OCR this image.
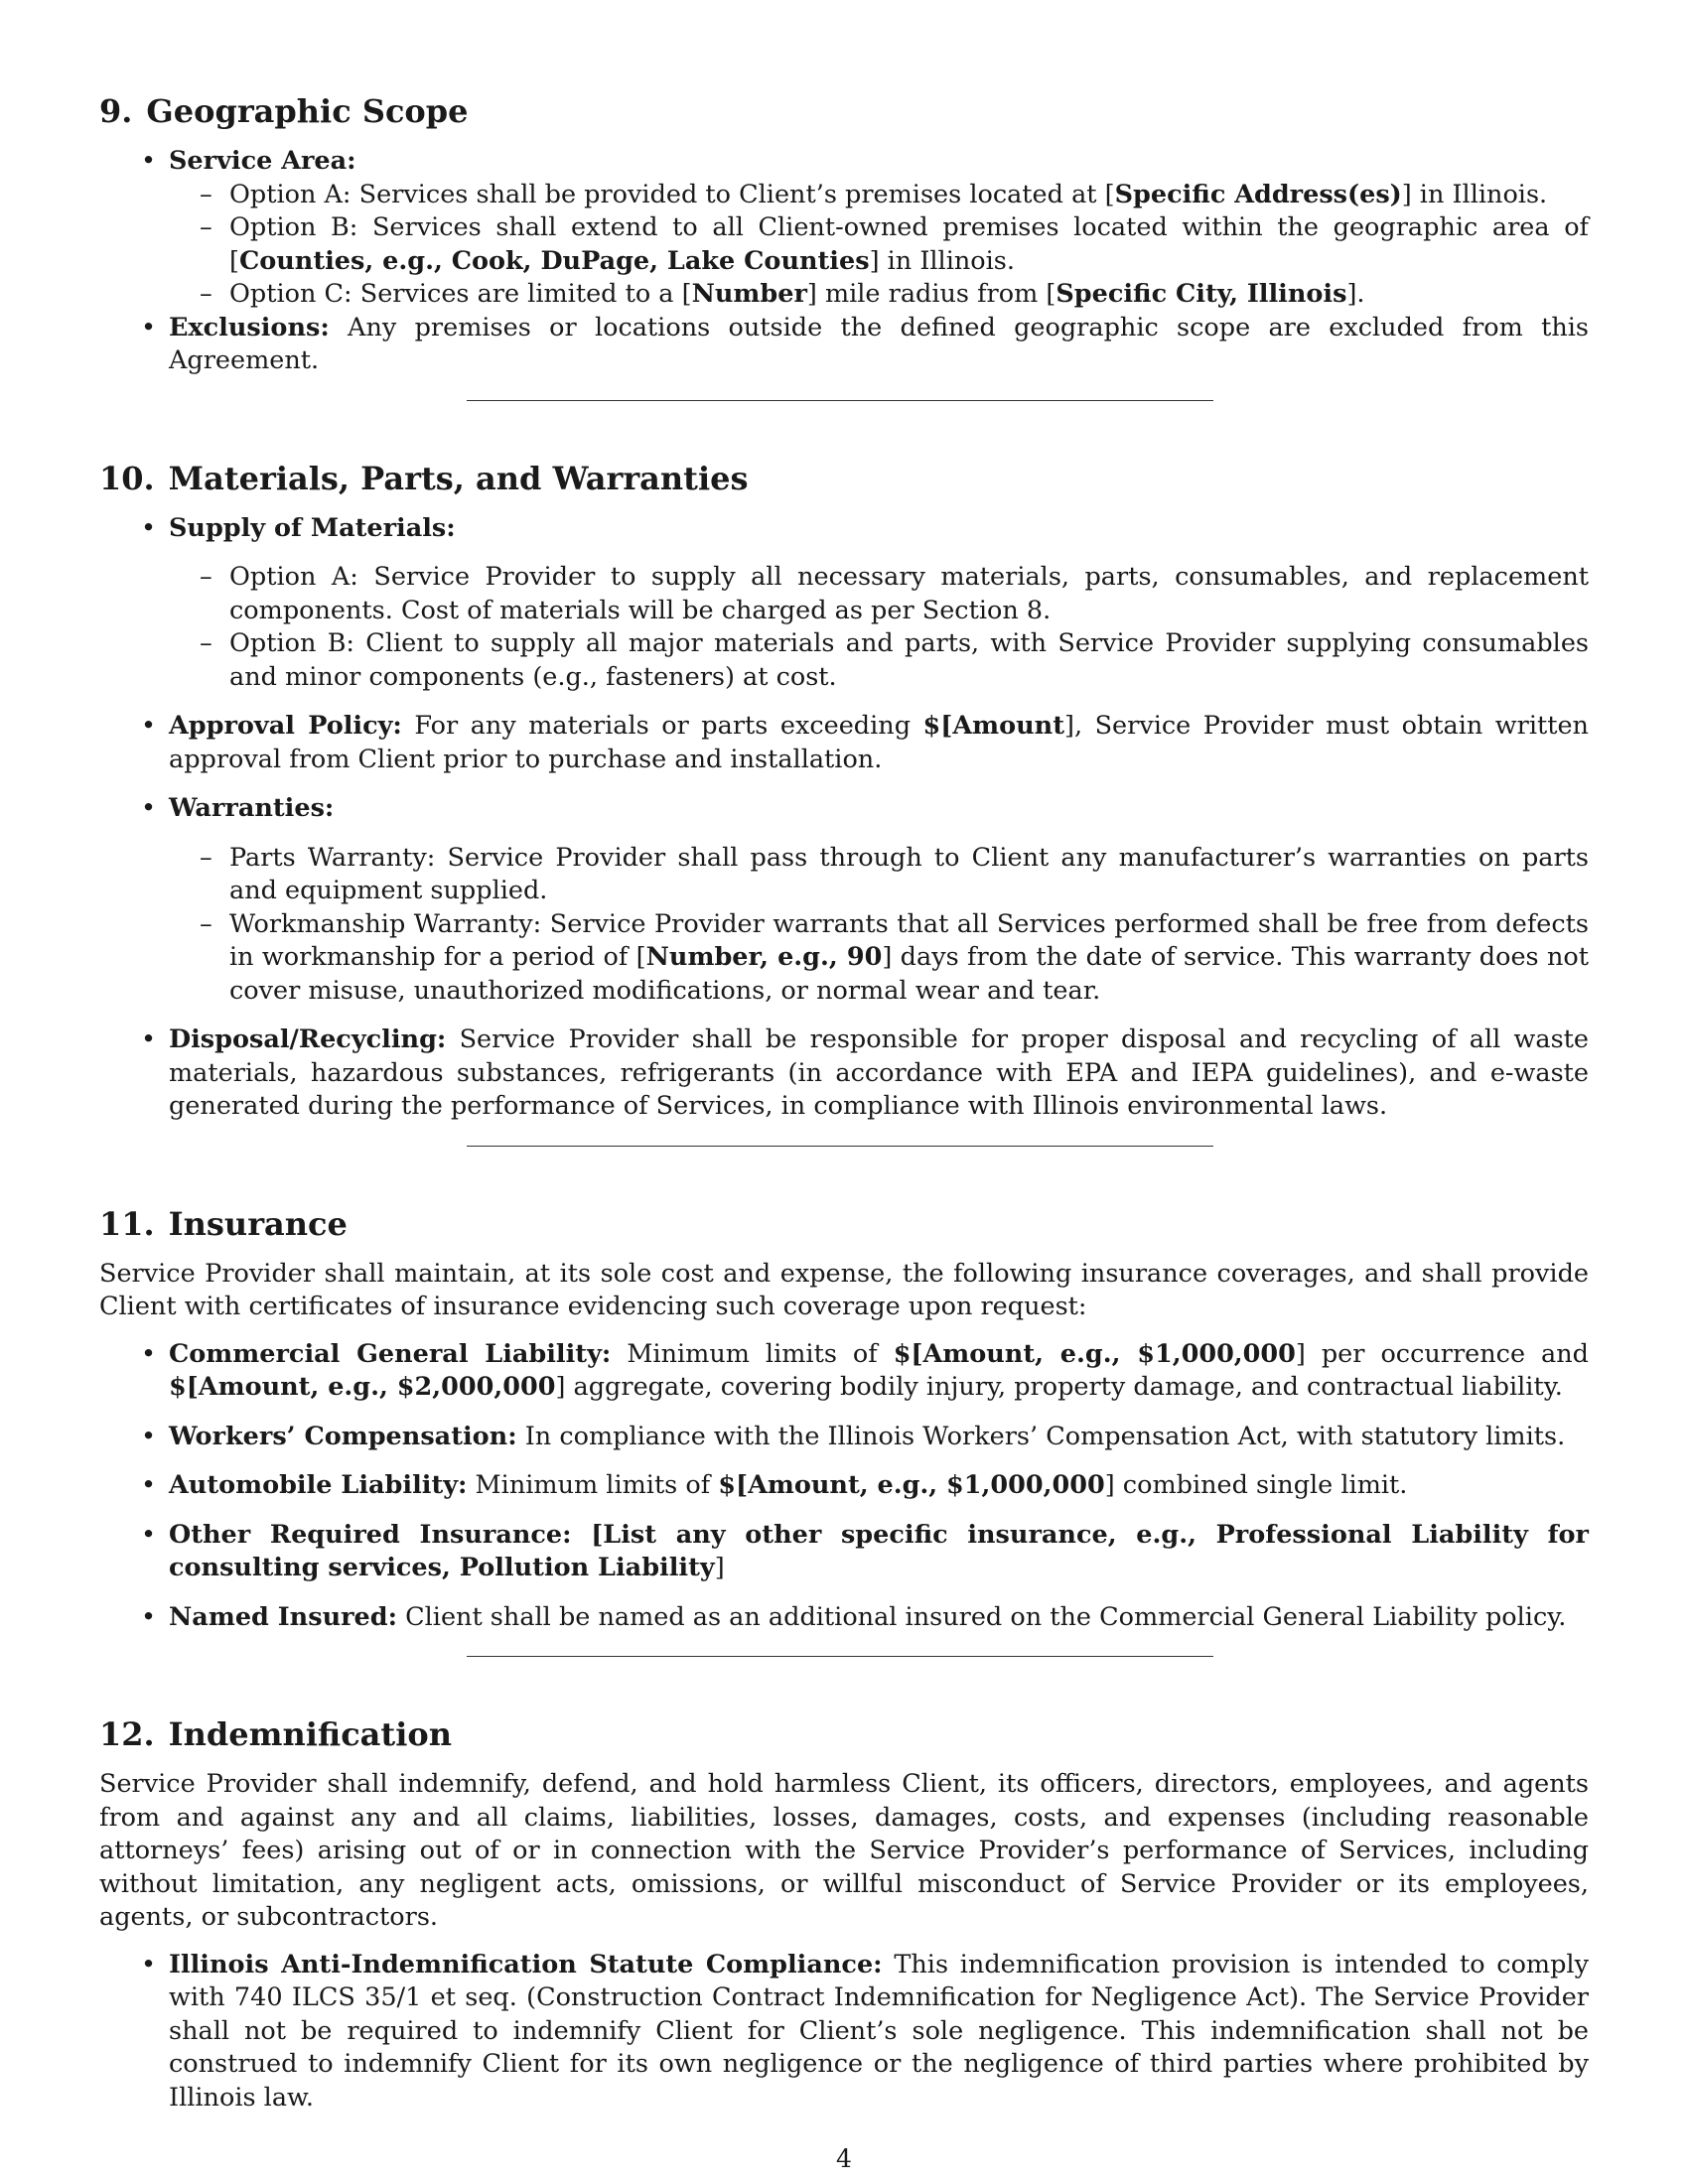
9. Geographic Scope
• Service Area:
– Option A: Services shall be provided to Client’s premises located at [Specific Address(es)] in Illinois.
– Option B: Services shall extend to all Client-owned premises located within the geographic area of [Counties, e.g., Cook, DuPage, Lake Counties] in Illinois.
– Option C: Services are limited to a [Number] mile radius from [Specific City, Illinois].
• Exclusions: Any premises or locations outside the defined geographic scope are excluded from this Agreement.
10. Materials, Parts, and Warranties
• Supply of Materials:
– Option A: Service Provider to supply all necessary materials, parts, consumables, and replacement components. Cost of materials will be charged as per Section 8.
– Option B: Client to supply all major materials and parts, with Service Provider supplying consumables and minor components (e.g., fasteners) at cost.
• Approval Policy: For any materials or parts exceeding $[Amount], Service Provider must obtain written approval from Client prior to purchase and installation.
• Warranties:
– Parts Warranty: Service Provider shall pass through to Client any manufacturer’s warranties on parts and equipment supplied.
– Workmanship Warranty: Service Provider warrants that all Services performed shall be free from defects in workmanship for a period of [Number, e.g., 90] days from the date of service. This warranty does not cover misuse, unauthorized modifications, or normal wear and tear.
• Disposal/Recycling: Service Provider shall be responsible for proper disposal and recycling of all waste materials, hazardous substances, refrigerants (in accordance with EPA and IEPA guidelines), and e-waste generated during the performance of Services, in compliance with Illinois environmental laws.
11. Insurance

Service Provider shall maintain, at its sole cost and expense, the following insurance coverages, and shall provide Client with certificates of insurance evidencing such coverage upon request:

• Commercial General Liability: Minimum limits of $[Amount, e.g., $1,000,000] per occurrence and $[Amount, e.g., $2,000,000] aggregate, covering bodily injury, property damage, and contractual liability.
• Workers’ Compensation: In compliance with the Illinois Workers’ Compensation Act, with statutory limits.
• Automobile Liability: Minimum limits of $[Amount, e.g., $1,000,000] combined single limit.
• Other Required Insurance: [List any other specific insurance, e.g., Professional Liability for consulting services, Pollution Liability]
• Named Insured: Client shall be named as an additional insured on the Commercial General Liability policy.
12. Indemnification

Service Provider shall indemnify, defend, and hold harmless Client, its officers, directors, employees, and agents from and against any and all claims, liabilities, losses, damages, costs, and expenses (including reasonable attorneys’ fees) arising out of or in connection with the Service Provider’s performance of Services, including without limitation, any negligent acts, omissions, or willful misconduct of Service Provider or its employees, agents, or subcontractors.

• Illinois Anti-Indemnification Statute Compliance: This indemnification provision is intended to comply with 740 ILCS 35/1 et seq. (Construction Contract Indemnification for Negligence Act). The Service Provider shall not be required to indemnify Client for Client’s sole negligence. This indemnification shall not be construed to indemnify Client for its own negligence or the negligence of third parties where prohibited by Illinois law.
4
